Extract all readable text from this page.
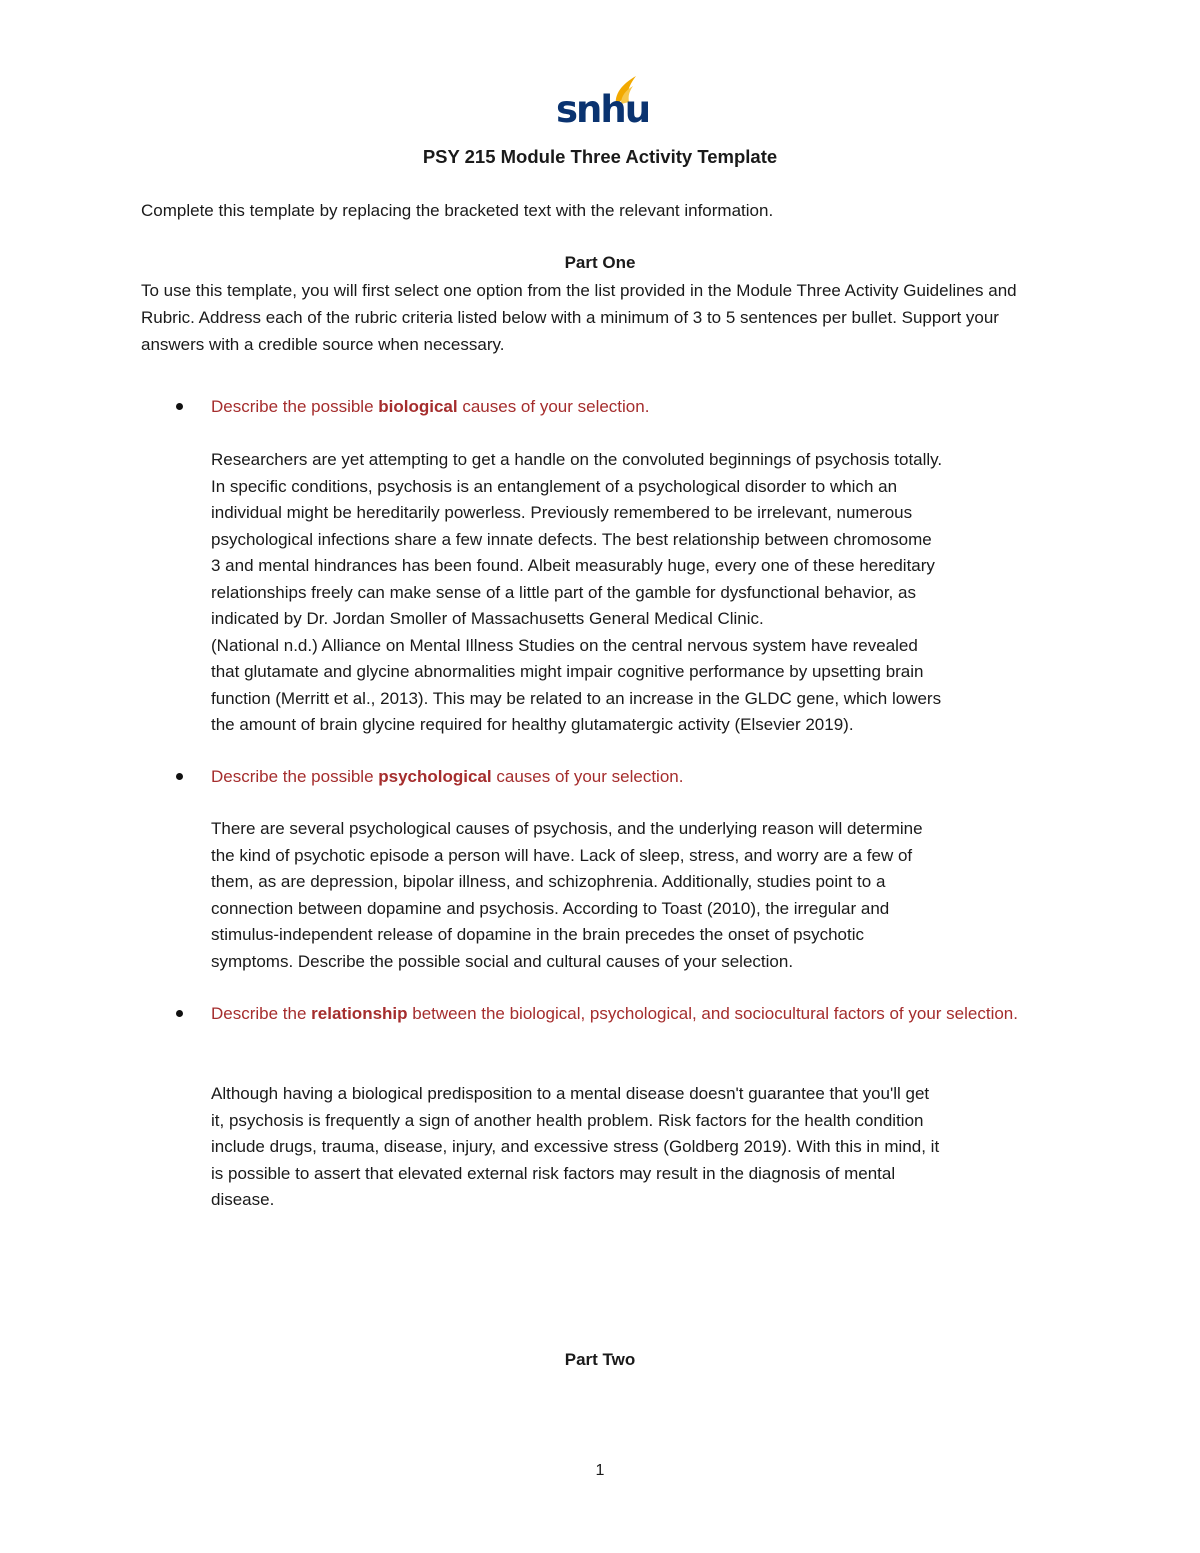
snhu
PSY 215 Module Three Activity Template
Complete this template by replacing the bracketed text with the relevant information.
Part One
To use this template, you will first select one option from the list provided in the Module Three Activity Guidelines and Rubric. Address each of the rubric criteria listed below with a minimum of 3 to 5 sentences per bullet. Support your answers with a credible source when necessary.
Describe the possible biological causes of your selection.
Researchers are yet attempting to get a handle on the convoluted beginnings of psychosis totally.
In specific conditions, psychosis is an entanglement of a psychological disorder to which an
individual might be hereditarily powerless. Previously remembered to be irrelevant, numerous
psychological infections share a few innate defects. The best relationship between chromosome
3 and mental hindrances has been found. Albeit measurably huge, every one of these hereditary
relationships freely can make sense of a little part of the gamble for dysfunctional behavior, as
indicated by Dr. Jordan Smoller of Massachusetts General Medical Clinic.
(National n.d.) Alliance on Mental Illness Studies on the central nervous system have revealed
that glutamate and glycine abnormalities might impair cognitive performance by upsetting brain
function (Merritt et al., 2013). This may be related to an increase in the GLDC gene, which lowers
the amount of brain glycine required for healthy glutamatergic activity (Elsevier 2019).
Describe the possible psychological causes of your selection.
There are several psychological causes of psychosis, and the underlying reason will determine
the kind of psychotic episode a person will have. Lack of sleep, stress, and worry are a few of
them, as are depression, bipolar illness, and schizophrenia. Additionally, studies point to a
connection between dopamine and psychosis. According to Toast (2010), the irregular and
stimulus-independent release of dopamine in the brain precedes the onset of psychotic
symptoms. Describe the possible social and cultural causes of your selection.
Describe the relationship between the biological, psychological, and sociocultural factors of your selection.
Although having a biological predisposition to a mental disease doesn't guarantee that you'll get
it, psychosis is frequently a sign of another health problem. Risk factors for the health condition
include drugs, trauma, disease, injury, and excessive stress (Goldberg 2019). With this in mind, it
is possible to assert that elevated external risk factors may result in the diagnosis of mental
disease.
Part Two
1
